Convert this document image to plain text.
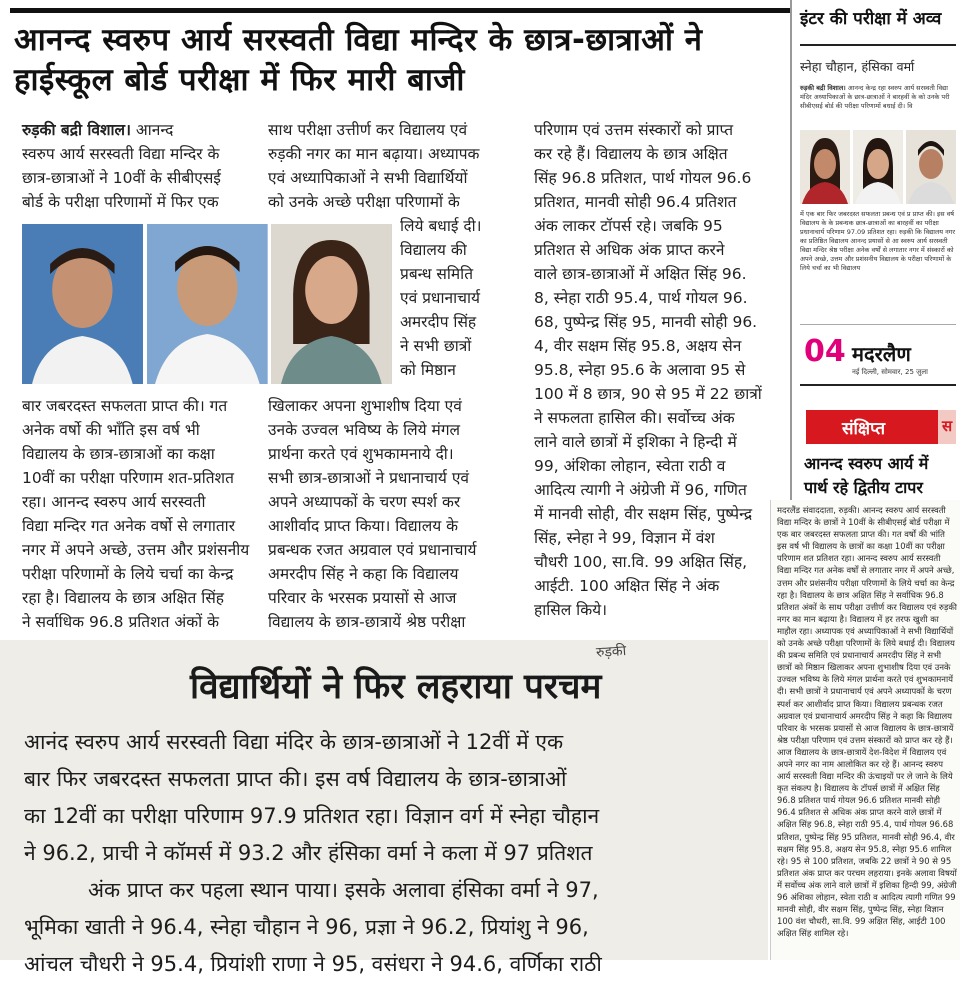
आनन्द स्वरुप आर्य सरस्वती विद्या मन्दिर के छात्र-छात्राओं ने हाईस्कूल बोर्ड परीक्षा में फिर मारी बाजी
रुड़की बद्री विशाल। आनन्द
स्वरुप आर्य सरस्वती विद्या मन्दिर के
छात्र-छात्राओं ने 10वीं के सीबीएसई
बोर्ड के परीक्षा परिणामों में फिर एक
साथ परीक्षा उत्तीर्ण कर विद्यालय एवं
रुड़की नगर का मान बढ़ाया। अध्यापक
एवं अध्यापिकाओं ने सभी विद्यार्थियों
को उनके अच्छे परीक्षा परिणामों के
लिये बधाई दी।
विद्यालय की
प्रबन्ध समिति
एवं प्रधानाचार्य
अमरदीप सिंह
ने सभी छात्रों
को मिष्ठान
बार जबरदस्त सफलता प्राप्त की। गत
अनेक वर्षो की भाँति इस वर्ष भी
विद्यालय के छात्र-छात्राओं का कक्षा
10वीं का परीक्षा परिणाम शत-प्रतिशत
रहा। आनन्द स्वरुप आर्य सरस्वती
विद्या मन्दिर गत अनेक वर्षो से लगातार
नगर में अपने अच्छे, उत्तम और प्रशंसनीय
परीक्षा परिणामों के लिये चर्चा का केन्द्र
रहा है। विद्यालय के छात्र अक्षित सिंह
ने सर्वाधिक 96.8 प्रतिशत अंकों के
खिलाकर अपना शुभाशीष दिया एवं
उनके उज्वल भविष्य के लिये मंगल
प्रार्थना करते एवं शुभकामनाये दी।
सभी छात्र-छात्राओं ने प्रधानाचार्य एवं
अपने अध्यापकों के चरण स्पर्श कर
आशीर्वाद प्राप्त किया। विद्यालय के
प्रबन्धक रजत अग्रवाल एवं प्रधानाचार्य
अमरदीप सिंह ने कहा कि विद्यालय
परिवार के भरसक प्रयासों से आज
विद्यालय के छात्र-छात्रायें श्रेष्ठ परीक्षा
परिणाम एवं उत्तम संस्कारों को प्राप्त
कर रहे हैं। विद्यालय के छात्र अक्षित
सिंह 96.8 प्रतिशत, पार्थ गोयल 96.6
प्रतिशत, मानवी सोही 96.4 प्रतिशत
अंक लाकर टॉपर्स रहे। जबकि 95
प्रतिशत से अधिक अंक प्राप्त करने
वाले छात्र-छात्राओं में अक्षित सिंह 96.
8, स्नेहा राठी 95.4, पार्थ गोयल 96.
68, पुष्पेन्द्र सिंह 95, मानवी सोही 96.
4, वीर सक्षम सिंह 95.8, अक्षय सेन
95.8, स्नेहा 95.6 के अलावा 95 से
100 में 8 छात्र, 90 से 95 में 22 छात्रों
ने सफलता हासिल की। सर्वोच्च अंक
लाने वाले छात्रों में इशिका ने हिन्दी में
99, अंशिका लोहान, स्वेता राठी व
आदित्य त्यागी ने अंग्रेजी में 96, गणित
में मानवी सोही, वीर सक्षम सिंह, पुष्पेन्द्र
सिंह, स्नेहा ने 99, विज्ञान में वंश
चौधरी 100, सा.वि. 99 अक्षित सिंह,
आईटी. 100 अक्षित सिंह ने अंक
हासिल किये।
इंटर की परीक्षा में अव्व
स्नेहा चौहान, हंसिका वर्मा
रुड़की बद्री विशाल। आनन्द केन्द्र रहा स्वरुप आर्य सरस्वती विद्या मंदिर अध्यापिकाओं के छात्र-छात्राओं ने बारहवीं के को उनके परी सीबीएसई बोर्ड की परीक्षा परिणामों बधाई दी। वि
में एक बार फिर जबरदस्त सफलता प्रबन्ध एवं प्र प्राप्त की। इस वर्ष विद्यालय के के प्रबन्धक छात्र-छात्राओं का बारहवीं का परीक्षा प्रधानाचार्य परिणाम 97.09 प्रतिशत रहा। रुड़की कि विद्यालय नगर का प्रतिष्ठित विद्यालय आनन्द प्रयासों से आ स्वरुप आर्य सरस्वती विद्या मन्दिर श्रेष्ठ परीक्षा अनेक वर्षों से लगातार नगर में संस्कारों को अपने अच्छे, उत्तम और प्रशंसनीय विद्यालय के परीक्षा परिणामों के लिये चर्चा का भी विद्यालय
04 मदरलैण
नई दिल्ली, सोमवार, 25 जुला
संक्षिप्त	स
आनन्द स्वरुप आर्य में
पार्थ रहे द्वितीय टापर
मदरलैंड संवाददाता, रुड़की। आनन्द स्वरुप आर्य सरस्वती विद्या मन्दिर के छात्रों ने 10वीं के सीबीएसई बोर्ड परीक्षा में एक बार जबरदस्त सफलता प्राप्त की। गत वर्षों की भांति इस वर्ष भी विद्यालय के छात्रों का कक्षा 10वीं का परीक्षा परिणाम शत प्रतिशत रहा। आनन्द स्वरुप आर्य सरस्वती विद्या मन्दिर गत अनेक वर्षों से लगातार नगर में अपने अच्छे, उत्तम और प्रशंसनीय परीक्षा परिणामों के लिये चर्चा का केन्द्र रहा है। विद्यालय के छात्र अक्षित सिंह ने सर्वाधिक 96.8 प्रतिशत अंकों के साथ परीक्षा उत्तीर्ण कर विद्यालय एवं रुड़की नगर का मान बढ़ाया है। विद्यालय में हर तरफ खुशी का माहौल रहा। अध्यापक एवं अध्यापिकाओं ने सभी विद्यार्थियों को उनके अच्छे परीक्षा परिणामों के लिये बधाई दी। विद्यालय की प्रबन्ध समिति एवं प्रधानाचार्य अमरदीप सिंह ने सभी छात्रों को मिष्ठान खिलाकर अपना शुभाशीष दिया एवं उनके उज्वल भविष्य के लिये मंगल प्रार्थना करते एवं शुभकामनायें दी। सभी छात्रों ने प्रधानाचार्य एवं अपने अध्यापकों के चरण स्पर्श कर आशीर्वाद प्राप्त किया। विद्यालय प्रबन्धक रजत अग्रवाल एवं प्रधानाचार्य अमरदीप सिंह ने कहा कि विद्यालय परिवार के भरसक प्रयासों से आज विद्यालय के छात्र-छात्रायें श्रेष्ठ परीक्षा परिणाम एवं उत्तम संस्कारों को प्राप्त कर रहे हैं। आज विद्यालय के छात्र-छात्रायें देश-विदेश में विद्यालय एवं अपने नगर का नाम आलोकित कर रहे हैं। आनन्द स्वरुप आर्य सरस्वती विद्या मन्दिर की ऊंचाइयों पर ले जाने के लिये कृत संकल्प है। विद्यालय के टॉपर्स छात्रों में अक्षित सिंह 96.8 प्रतिशत पार्थ गोयल 96.6 प्रतिशत मानवी सोही 96.4 प्रतिशत से अधिक अंक प्राप्त करने वाले छात्रों में अक्षित सिंह 96.8, स्नेहा राठी 95.4, पार्थ गोयल 96.68 प्रतिशत, पुष्पेन्द्र सिंह 95 प्रतिशत, मानवी सोही 96.4, वीर सक्षम सिंह 95.8, अक्षय सेन 95.8, स्नेहा 95.6 शामिल रहे। 95 से 100 प्रतिशत, जबकि 22 छात्रों ने 90 से 95 प्रतिशत अंक प्राप्त कर परचम लहराया। इनके अलावा विषयों में सर्वोच्च अंक लाने वाले छात्रों में इशिका हिन्दी 99, अंग्रेजी 96 अंशिका लोहान, स्वेता राठी व आदित्य त्यागी गणित 99 मानवी सोही, वीर सक्षम सिंह, पुष्पेन्द्र सिंह, स्नेहा विज्ञान 100 वंश चौधरी, सा.वि. 99 अक्षित सिंह, आईटी 100 अक्षित सिंह शामिल रहे।
रुड़की
विद्यार्थियों ने फिर लहराया परचम
आनंद स्वरुप आर्य सरस्वती विद्या मंदिर के छात्र-छात्राओं ने 12वीं में एक
बार फिर जबरदस्त सफलता प्राप्त की। इस वर्ष विद्यालय के छात्र-छात्राओं
का 12वीं का परीक्षा परिणाम 97.9 प्रतिशत रहा। विज्ञान वर्ग में स्नेहा चौहान
ने 96.2, प्राची ने कॉमर्स में 93.2 और हंसिका वर्मा ने कला में 97 प्रतिशत
अंक प्राप्त कर पहला स्थान पाया। इसके अलावा हंसिका वर्मा ने 97,
भूमिका खाती ने 96.4, स्नेहा चौहान ने 96, प्रज्ञा ने 96.2, प्रियांशु ने 96,
आंचल चौधरी ने 95.4, प्रियांशी राणा ने 95, वसंधरा ने 94.6, वर्णिका राठी
